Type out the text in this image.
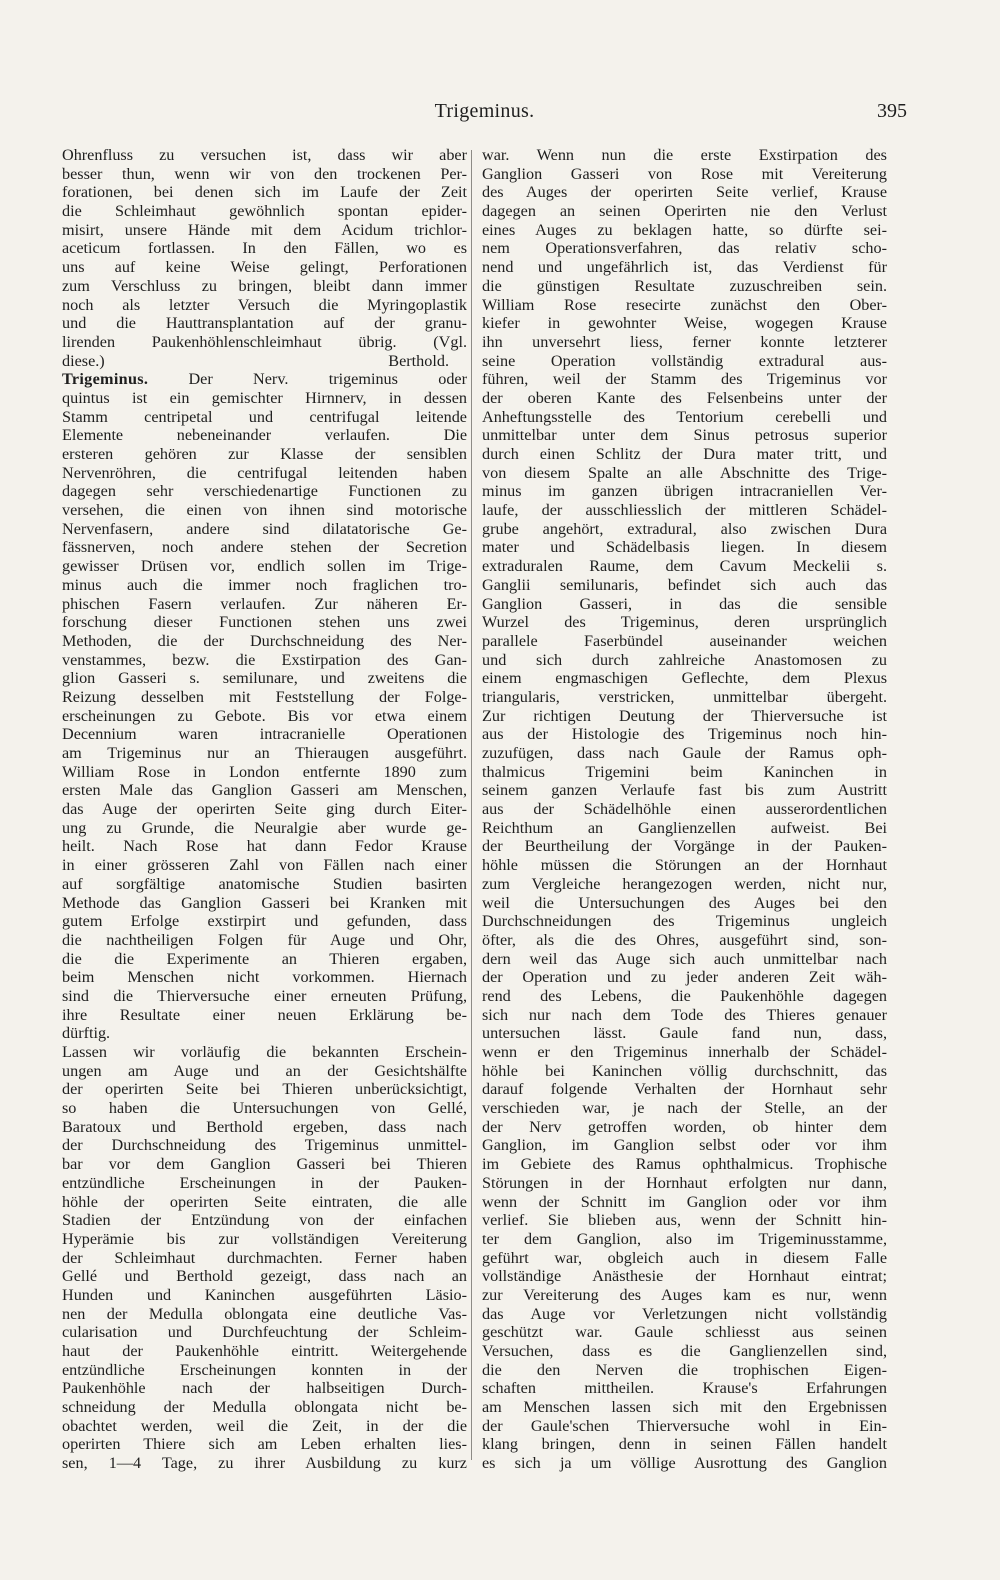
Trigeminus.	395
Ohrenfluss zu versuchen ist, dass wir aber
besser thun, wenn wir von den trockenen Per-
forationen, bei denen sich im Laufe der Zeit
die Schleimhaut gewöhnlich spontan epider-
misirt, unsere Hände mit dem Acidum trichlor-
aceticum fortlassen. In den Fällen, wo es
uns auf keine Weise gelingt, Perforationen
zum Verschluss zu bringen, bleibt dann immer
noch als letzter Versuch die Myringoplastik
und die Hauttransplantation auf der granu-
lirenden Paukenhöhlenschleimhaut übrig. (Vgl.
diese.)	Berthold.
Trigeminus. Der Nerv. trigeminus oder
quintus ist ein gemischter Hirnnerv, in dessen
Stamm centripetal und centrifugal leitende
Elemente nebeneinander verlaufen. Die
ersteren gehören zur Klasse der sensiblen
Nervenröhren, die centrifugal leitenden haben
dagegen sehr verschiedenartige Functionen zu
versehen, die einen von ihnen sind motorische
Nervenfasern, andere sind dilatatorische Ge-
fässnerven, noch andere stehen der Secretion
gewisser Drüsen vor, endlich sollen im Trige-
minus auch die immer noch fraglichen tro-
phischen Fasern verlaufen. Zur näheren Er-
forschung dieser Functionen stehen uns zwei
Methoden, die der Durchschneidung des Ner-
venstammes, bezw. die Exstirpation des Gan-
glion Gasseri s. semilunare, und zweitens die
Reizung desselben mit Feststellung der Folge-
erscheinungen zu Gebote. Bis vor etwa einem
Decennium waren intracranielle Operationen
am Trigeminus nur an Thieraugen ausgeführt.
William Rose in London entfernte 1890 zum
ersten Male das Ganglion Gasseri am Menschen,
das Auge der operirten Seite ging durch Eiter-
ung zu Grunde, die Neuralgie aber wurde ge-
heilt. Nach Rose hat dann Fedor Krause
in einer grösseren Zahl von Fällen nach einer
auf sorgfältige anatomische Studien basirten
Methode das Ganglion Gasseri bei Kranken mit
gutem Erfolge exstirpirt und gefunden, dass
die nachtheiligen Folgen für Auge und Ohr,
die die Experimente an Thieren ergaben,
beim Menschen nicht vorkommen. Hiernach
sind die Thierversuche einer erneuten Prüfung,
ihre Resultate einer neuen Erklärung be-
dürftig.
Lassen wir vorläufig die bekannten Erschein-
ungen am Auge und an der Gesichtshälfte
der operirten Seite bei Thieren unberücksichtigt,
so haben die Untersuchungen von Gellé,
Baratoux und Berthold ergeben, dass nach
der Durchschneidung des Trigeminus unmittel-
bar vor dem Ganglion Gasseri bei Thieren
entzündliche Erscheinungen in der Pauken-
höhle der operirten Seite eintraten, die alle
Stadien der Entzündung von der einfachen
Hyperämie bis zur vollständigen Vereiterung
der Schleimhaut durchmachten. Ferner haben
Gellé und Berthold gezeigt, dass nach an
Hunden und Kaninchen ausgeführten Läsio-
nen der Medulla oblongata eine deutliche Vas-
cularisation und Durchfeuchtung der Schleim-
haut der Paukenhöhle eintritt. Weitergehende
entzündliche Erscheinungen konnten in der
Paukenhöhle nach der halbseitigen Durch-
schneidung der Medulla oblongata nicht be-
obachtet werden, weil die Zeit, in der die
operirten Thiere sich am Leben erhalten lies-
sen, 1—4 Tage, zu ihrer Ausbildung zu kurz
war. Wenn nun die erste Exstirpation des
Ganglion Gasseri von Rose mit Vereiterung
des Auges der operirten Seite verlief, Krause
dagegen an seinen Operirten nie den Verlust
eines Auges zu beklagen hatte, so dürfte sei-
nem Operationsverfahren, das relativ scho-
nend und ungefährlich ist, das Verdienst für
die günstigen Resultate zuzuschreiben sein.
William Rose resecirte zunächst den Ober-
kiefer in gewohnter Weise, wogegen Krause
ihn unversehrt liess, ferner konnte letzterer
seine Operation vollständig extradural aus-
führen, weil der Stamm des Trigeminus vor
der oberen Kante des Felsenbeins unter der
Anheftungsstelle des Tentorium cerebelli und
unmittelbar unter dem Sinus petrosus superior
durch einen Schlitz der Dura mater tritt, und
von diesem Spalte an alle Abschnitte des Trige-
minus im ganzen übrigen intracraniellen Ver-
laufe, der ausschliesslich der mittleren Schädel-
grube angehört, extradural, also zwischen Dura
mater und Schädelbasis liegen. In diesem
extraduralen Raume, dem Cavum Meckelii s.
Ganglii semilunaris, befindet sich auch das
Ganglion Gasseri, in das die sensible
Wurzel des Trigeminus, deren ursprünglich
parallele Faserbündel auseinander weichen
und sich durch zahlreiche Anastomosen zu
einem engmaschigen Geflechte, dem Plexus
triangularis, verstricken, unmittelbar übergeht.
Zur richtigen Deutung der Thierversuche ist
aus der Histologie des Trigeminus noch hin-
zuzufügen, dass nach Gaule der Ramus oph-
thalmicus Trigemini beim Kaninchen in
seinem ganzen Verlaufe fast bis zum Austritt
aus der Schädelhöhle einen ausserordentlichen
Reichthum an Ganglienzellen aufweist. Bei
der Beurtheilung der Vorgänge in der Pauken-
höhle müssen die Störungen an der Hornhaut
zum Vergleiche herangezogen werden, nicht nur,
weil die Untersuchungen des Auges bei den
Durchschneidungen des Trigeminus ungleich
öfter, als die des Ohres, ausgeführt sind, son-
dern weil das Auge sich auch unmittelbar nach
der Operation und zu jeder anderen Zeit wäh-
rend des Lebens, die Paukenhöhle dagegen
sich nur nach dem Tode des Thieres genauer
untersuchen lässt. Gaule fand nun, dass,
wenn er den Trigeminus innerhalb der Schädel-
höhle bei Kaninchen völlig durchschnitt, das
darauf folgende Verhalten der Hornhaut sehr
verschieden war, je nach der Stelle, an der
der Nerv getroffen worden, ob hinter dem
Ganglion, im Ganglion selbst oder vor ihm
im Gebiete des Ramus ophthalmicus. Trophische
Störungen in der Hornhaut erfolgten nur dann,
wenn der Schnitt im Ganglion oder vor ihm
verlief. Sie blieben aus, wenn der Schnitt hin-
ter dem Ganglion, also im Trigeminusstamme,
geführt war, obgleich auch in diesem Falle
vollständige Anästhesie der Hornhaut eintrat;
zur Vereiterung des Auges kam es nur, wenn
das Auge vor Verletzungen nicht vollständig
geschützt war. Gaule schliesst aus seinen
Versuchen, dass es die Ganglienzellen sind,
die den Nerven die trophischen Eigen-
schaften mittheilen. Krause's Erfahrungen
am Menschen lassen sich mit den Ergebnissen
der Gaule'schen Thierversuche wohl in Ein-
klang bringen, denn in seinen Fällen handelt
es sich ja um völlige Ausrottung des Ganglion
